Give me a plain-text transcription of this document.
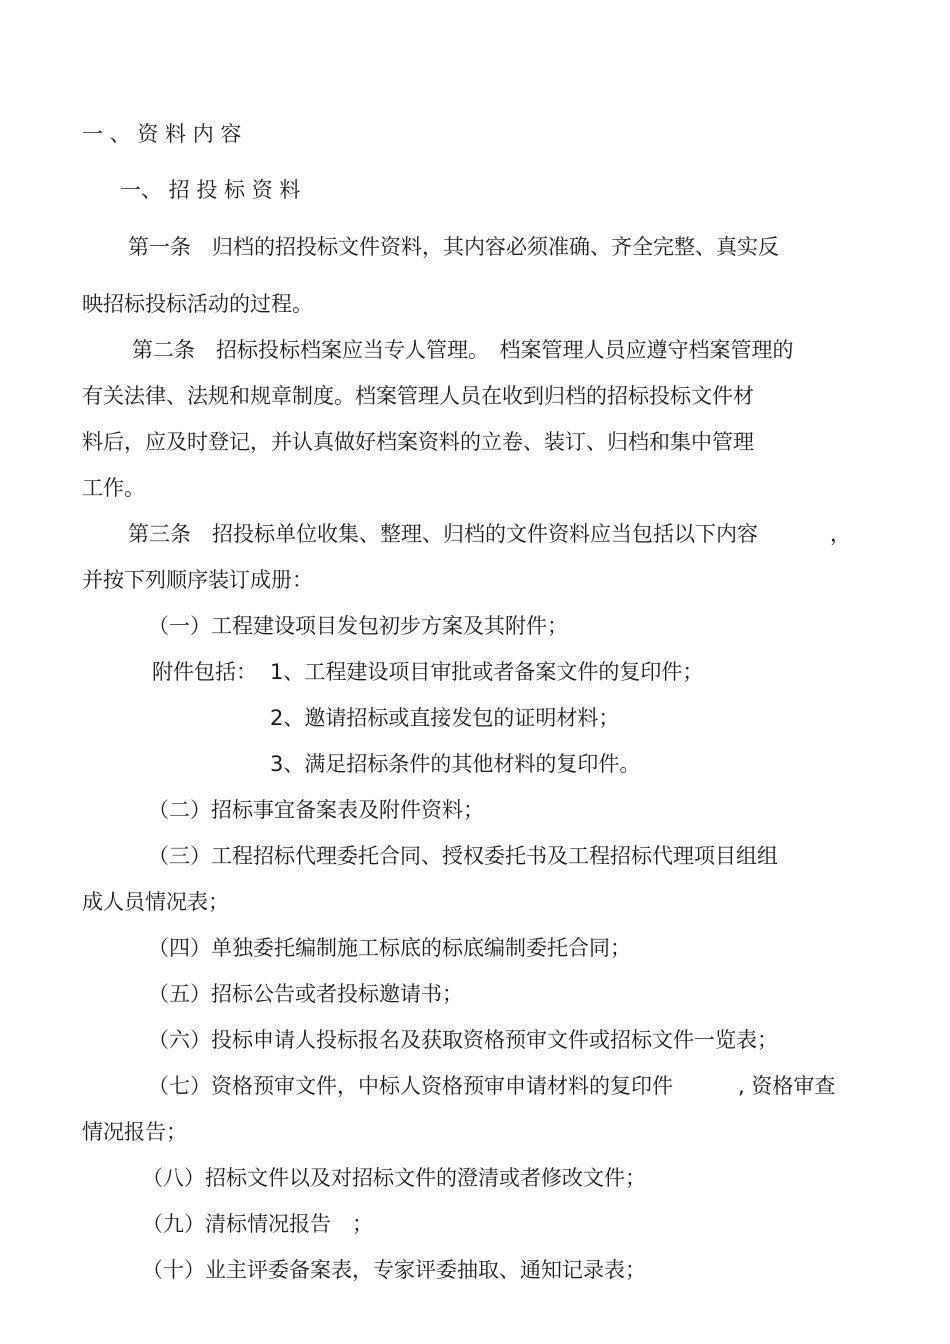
一 、 资 料 内 容
一、 招 投 标 资 料
第一条　归档的招投标文件资料，其内容必须准确、齐全完整、真实反
映招标投标活动的过程。
第二条　招标投标档案应当专人管理。　档案管理人员应遵守档案管理的
有关法律、法规和规章制度。档案管理人员在收到归档的招标投标文件材
料后，应及时登记，并认真做好档案资料的立卷、装订、归档和集中管理
工作。
第三条　招投标单位收集、整理、归档的文件资料应当包括以下内容	，
并按下列顺序装订成册：
（一）工程建设项目发包初步方案及其附件；
附件包括： 1、工程建设项目审批或者备案文件的复印件；
2、邀请招标或直接发包的证明材料；
3、满足招标条件的其他材料的复印件。
（二）招标事宜备案表及附件资料；
（三）工程招标代理委托合同、授权委托书及工程招标代理项目组组
成人员情况表；
（四）单独委托编制施工标底的标底编制委托合同；
（五）招标公告或者投标邀请书；
（六）投标申请人投标报名及获取资格预审文件或招标文件一览表；
（七）资格预审文件，中标人资格预审申请材料的复印件	, 资格审查
情况报告；
（八）招标文件以及对招标文件的澄清或者修改文件；
（九）清标情况报告　；
（十）业主评委备案表，专家评委抽取、通知记录表；
